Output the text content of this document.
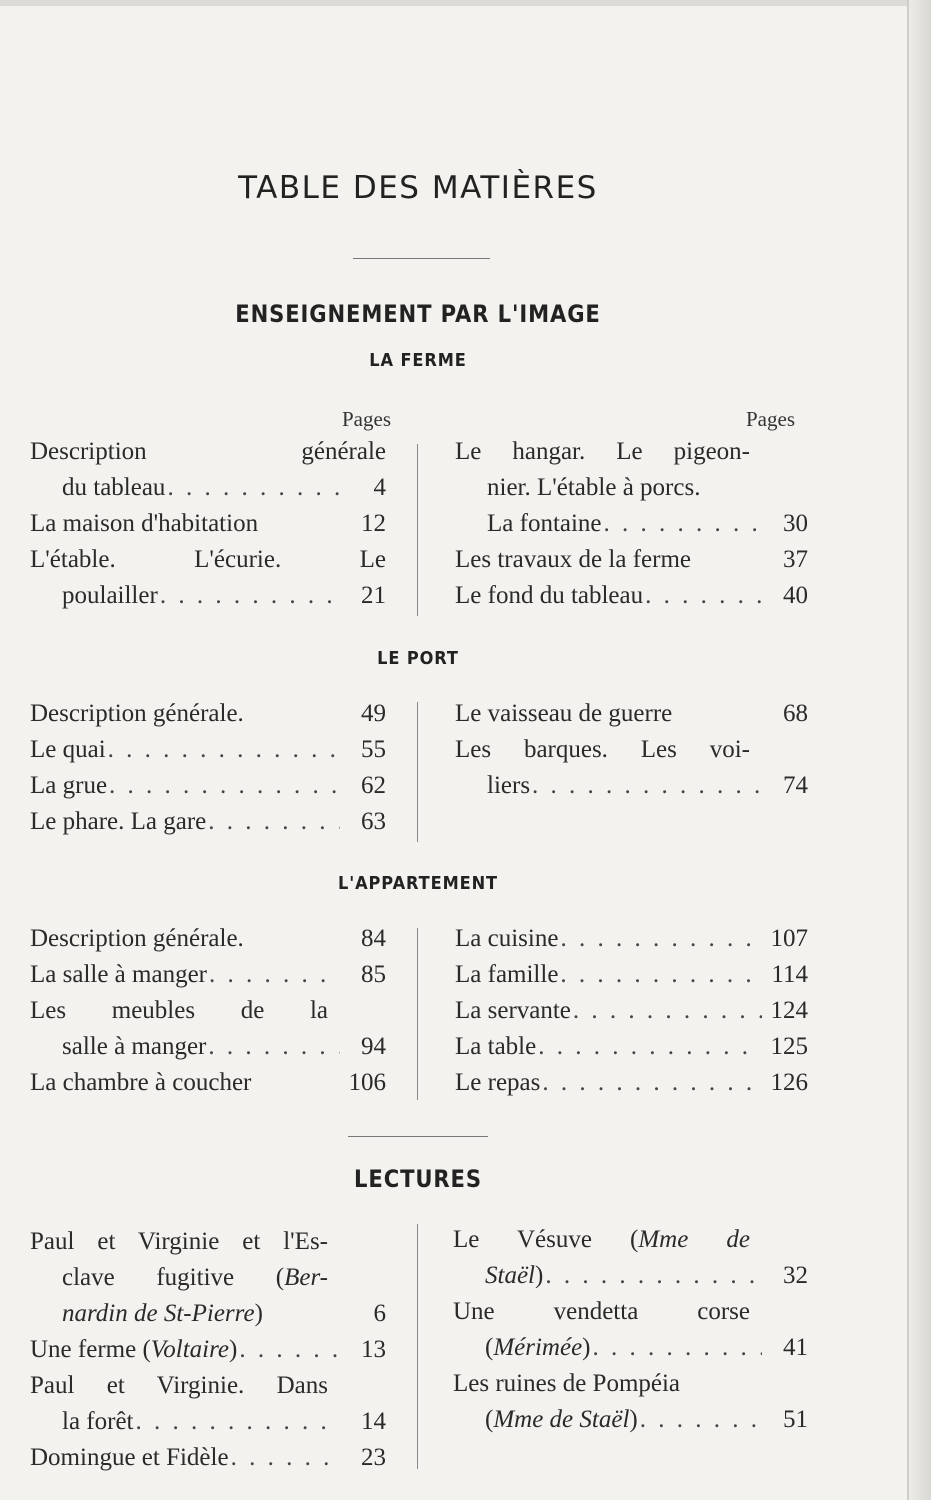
TABLE DES MATIÈRES
ENSEIGNEMENT PAR L'IMAGE
LA FERME
Pages	Pages
Description générale
du tableau . . .	4
La maison d'habitation	12
L'étable. L'écurie. Le
poulailler . . .	21
Le hangar. Le pigeon-
nier. L'étable à porcs.
La fontaine . . .	30
Les travaux de la ferme	37
Le fond du tableau . . .	40
LE PORT
Description générale.	49
Le quai . . .	55
La grue . . .	62
Le phare. La gare . . .	63
Le vaisseau de guerre	68
Les barques. Les voi-
liers . . .	74
L'APPARTEMENT
Description générale.	84
La salle à manger . . .	85
Les meubles de la
salle à manger . . .	94
La chambre à coucher	106
La cuisine . . .	107
La famille . . .	114
La servante . . .	124
La table . . .	125
Le repas . . .	126
LECTURES
Paul et Virginie et l'Es-
clave fugitive (Ber-
nardin de St-Pierre)	6
Une ferme (Voltaire) . . .	13
Paul et Virginie. Dans
la forêt . . .	14
Domingue et Fidèle . . .	23
Le Vésuve (Mme de
Staël) . . .	32
Une vendetta corse
(Mérimée) . . .	41
Les ruines de Pompéia
(Mme de Staël) . . .	51
